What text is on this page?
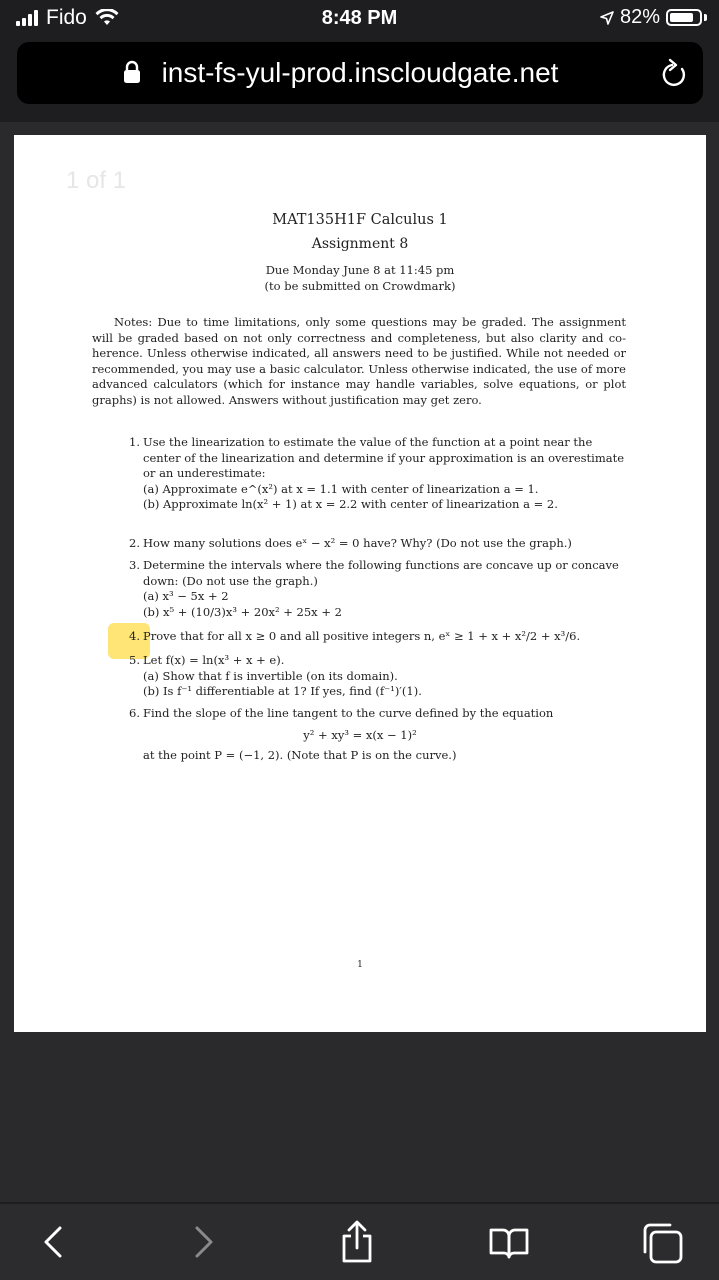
Fido	8:48 PM	82%
inst-fs-yul-prod.inscloudgate.net
1 of 1
MAT135H1F Calculus 1
Assignment 8
Due Monday June 8 at 11:45 pm
(to be submitted on Crowdmark)
Notes: Due to time limitations, only some questions may be graded. The assignment will be graded based on not only correctness and completeness, but also clarity and co-herence. Unless otherwise indicated, all answers need to be justified. While not needed or recommended, you may use a basic calculator. Unless otherwise indicated, the use of more advanced calculators (which for instance may handle variables, solve equations, or plot graphs) is not allowed. Answers without justification may get zero.
1. Use the linearization to estimate the value of the function at a point near the center of the linearization and determine if your approximation is an overestimate or an underestimate:
(a) Approximate e^(x²) at x = 1.1 with center of linearization a = 1.
(b) Approximate ln(x² + 1) at x = 2.2 with center of linearization a = 2.
2. How many solutions does eˣ − x² = 0 have? Why? (Do not use the graph.)
3. Determine the intervals where the following functions are concave up or concave down: (Do not use the graph.)
(a) x³ − 5x + 2
(b) x⁵ + (10/3)x³ + 20x² + 25x + 2
4. Prove that for all x ≥ 0 and all positive integers n, eˣ ≥ 1 + x + x²/2 + x³/6.
5. Let f(x) = ln(x³ + x + e).
(a) Show that f is invertible (on its domain).
(b) Is f⁻¹ differentiable at 1? If yes, find (f⁻¹)′(1).
6. Find the slope of the line tangent to the curve defined by the equation
y² + xy³ = x(x − 1)²
at the point P = (−1, 2). (Note that P is on the curve.)
1
